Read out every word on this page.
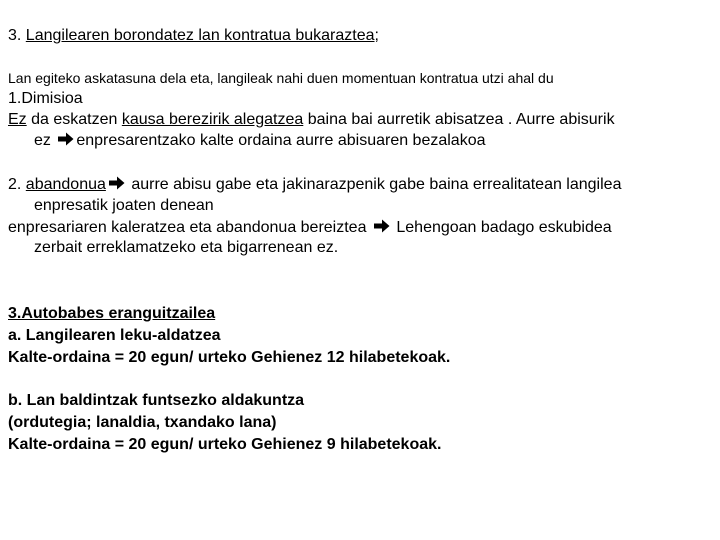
3. Langilearen borondatez lan kontratua bukaraztea;
Lan egiteko askatasuna dela eta, langileak nahi duen momentuan kontratua utzi ahal du
1.Dimisioa
Ez da eskatzen kausa berezirik alegatzea baina bai aurretik abisatzea . Aurre abisurik
ez
enpresarentzako kalte ordaina aurre abisuaren bezalakoa
2. abandonua
aurre abisu gabe eta jakinarazpenik gabe baina errealitatean langilea
enpresatik joaten denean
enpresariaren kaleratzea eta abandonua bereiztea
Lehengoan badago eskubidea
zerbait erreklamatzeko eta bigarrenean ez.
3.Autobabes eranguitzailea
a. Langilearen leku-aldatzea
Kalte-ordaina = 20 egun/ urteko Gehienez 12 hilabetekoak.
b. Lan baldintzak funtsezko aldakuntza
(ordutegia; lanaldia, txandako lana)
Kalte-ordaina = 20 egun/ urteko Gehienez 9 hilabetekoak.
